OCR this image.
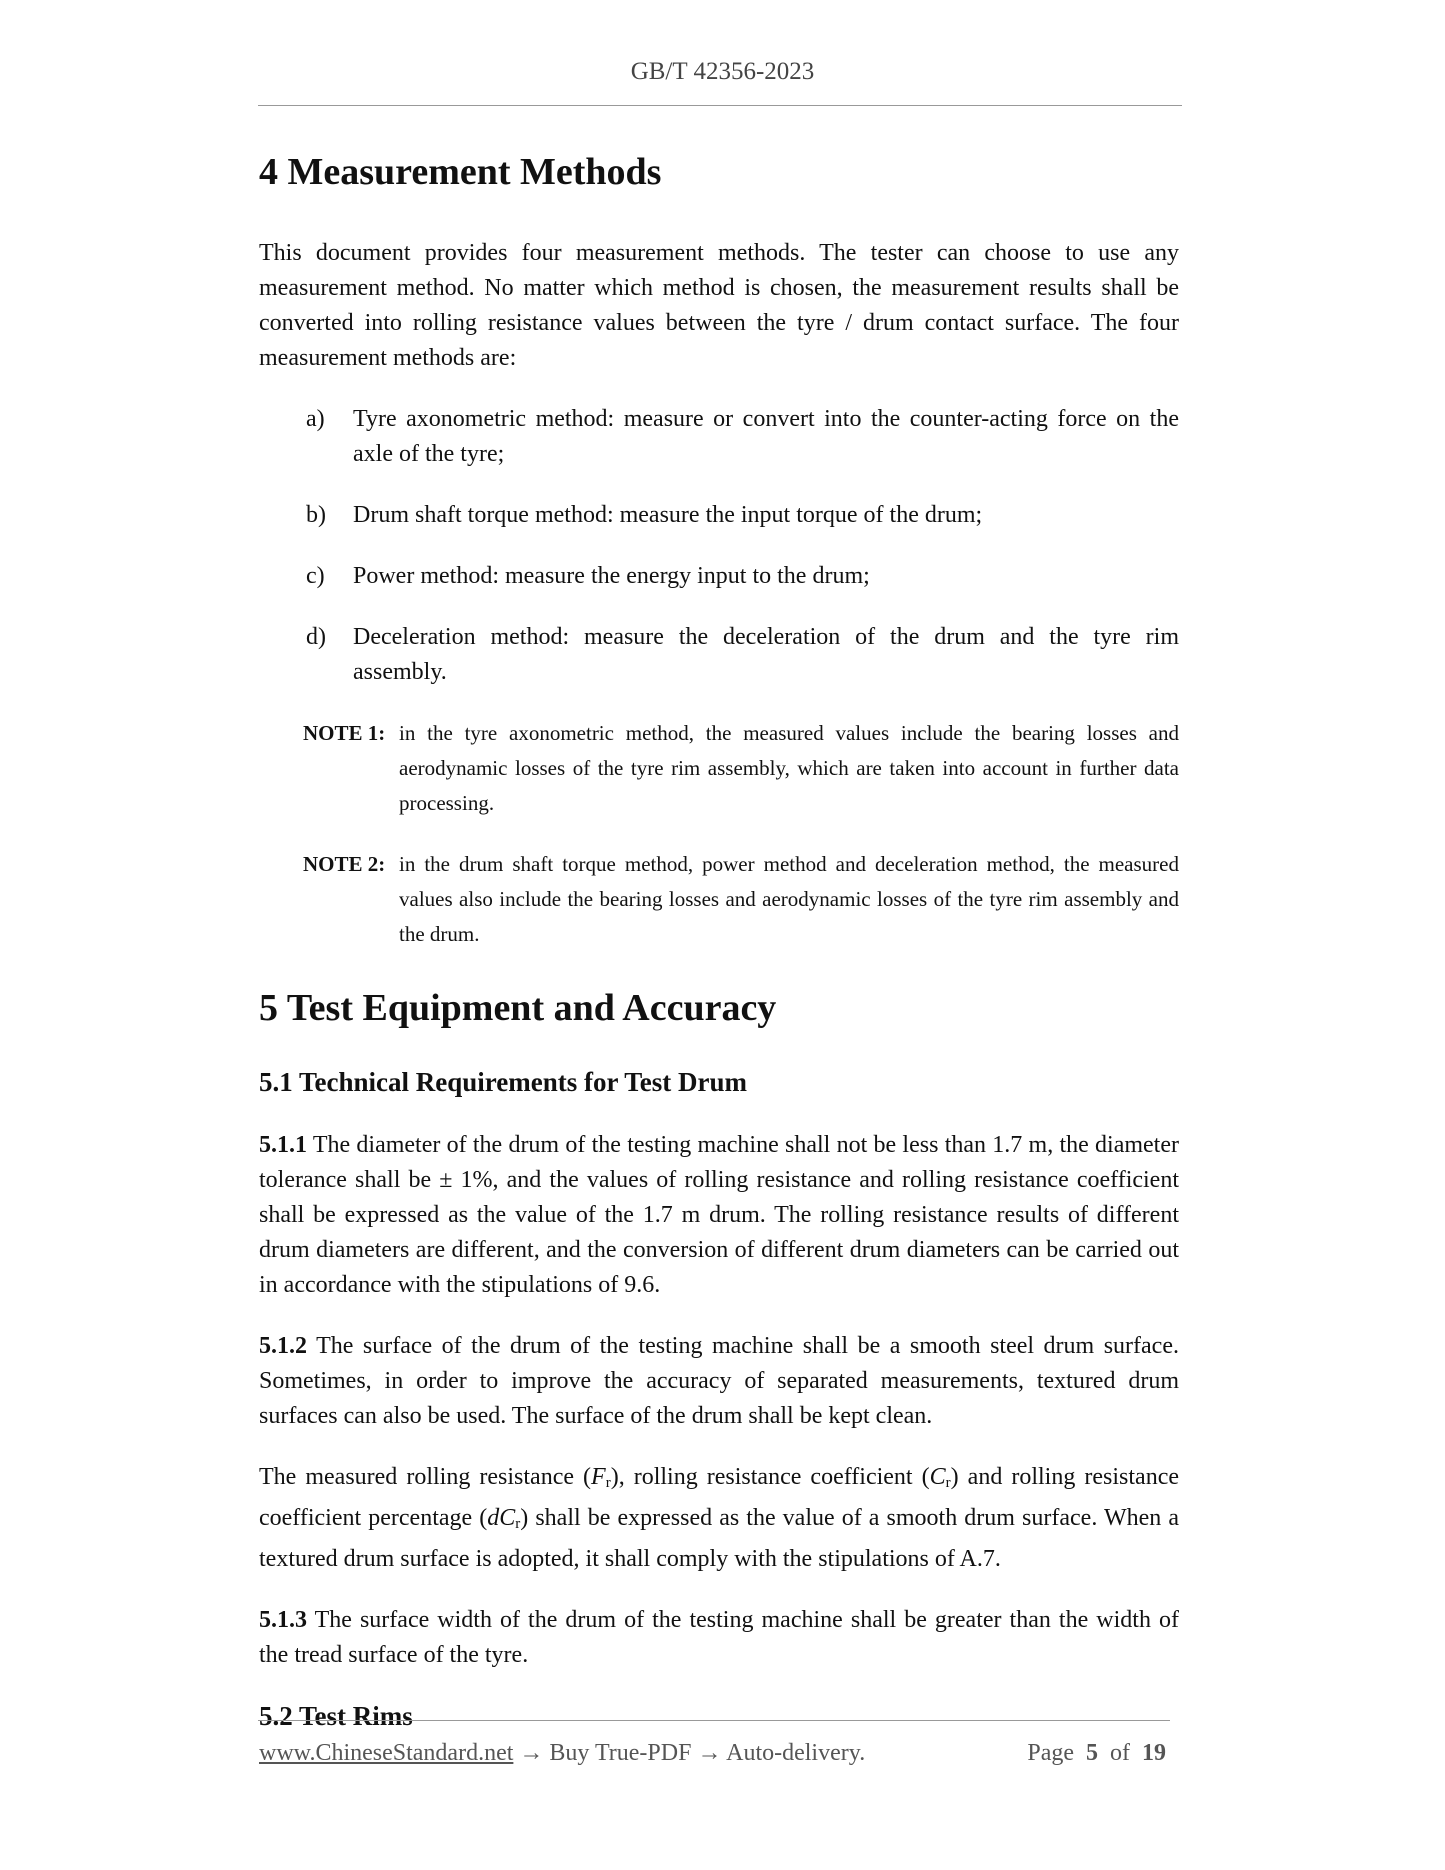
GB/T 42356-2023
4 Measurement Methods

This document provides four measurement methods. The tester can choose to use any measurement method. No matter which method is chosen, the measurement results shall be converted into rolling resistance values between the tyre / drum contact surface. The four measurement methods are:

a)	Tyre axonometric method: measure or convert into the counter-acting force on the axle of the tyre;
b)	Drum shaft torque method: measure the input torque of the drum;
c)	Power method: measure the energy input to the drum;
d)	Deceleration method: measure the deceleration of the drum and the tyre rim assembly.
NOTE 1: in the tyre axonometric method, the measured values include the bearing losses and aerodynamic losses of the tyre rim assembly, which are taken into account in further data processing.
NOTE 2: in the drum shaft torque method, power method and deceleration method, the measured values also include the bearing losses and aerodynamic losses of the tyre rim assembly and the drum.
5 Test Equipment and Accuracy
5.1 Technical Requirements for Test Drum

5.1.1 The diameter of the drum of the testing machine shall not be less than 1.7 m, the diameter tolerance shall be ± 1%, and the values of rolling resistance and rolling resistance coefficient shall be expressed as the value of the 1.7 m drum. The rolling resistance results of different drum diameters are different, and the conversion of different drum diameters can be carried out in accordance with the stipulations of 9.6.

5.1.2 The surface of the drum of the testing machine shall be a smooth steel drum surface. Sometimes, in order to improve the accuracy of separated measurements, textured drum surfaces can also be used. The surface of the drum shall be kept clean.

The measured rolling resistance $(F_r)$, rolling resistance coefficient $(C_r)$ and rolling resistance coefficient percentage $(dC_r)$ shall be expressed as the value of a smooth drum surface. When a textured drum surface is adopted, it shall comply with the stipulations of A.7.

5.1.3 The surface width of the drum of the testing machine shall be greater than the width of the tread surface of the tyre.

5.2 Test Rims
www.ChineseStandard.net → Buy True-PDF → Auto-delivery.	Page 5 of 19
